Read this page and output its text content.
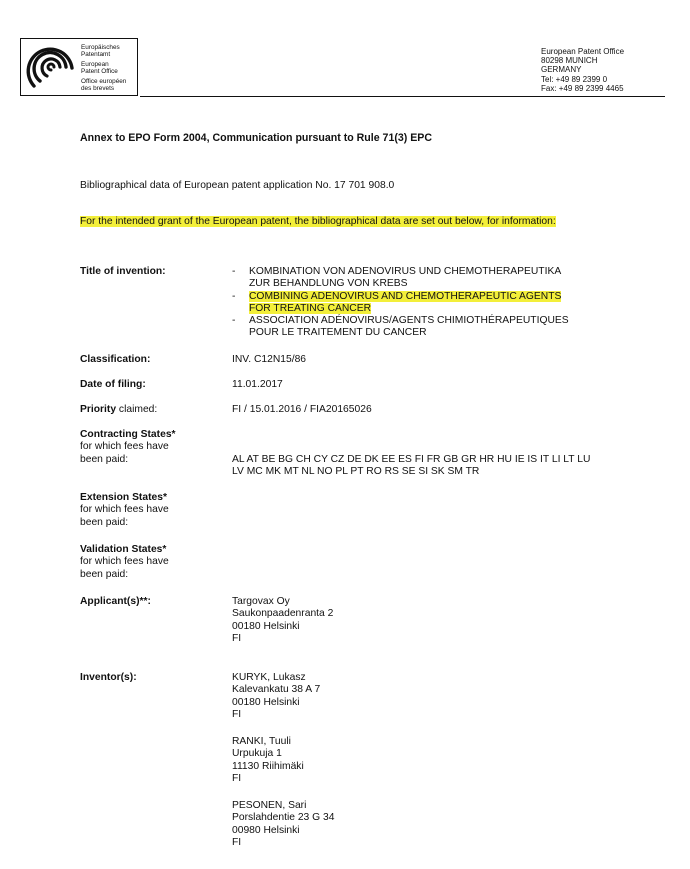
Europäisches
Patentamt
European
Patent Office
Office européen
des brevets
European Patent Office
80298 MUNICH
GERMANY
Tel: +49 89 2399 0
Fax: +49 89 2399 4465
Annex to EPO Form 2004, Communication pursuant to Rule 71(3) EPC
Bibliographical data of European patent application No. 17 701 908.0
For the intended grant of the European patent, the bibliographical data are set out below, for information:
Title of invention:	-	KOMBINATION VON ADENOVIRUS UND CHEMOTHERAPEUTIKA
ZUR BEHANDLUNG VON KREBS
-	COMBINING ADENOVIRUS AND CHEMOTHERAPEUTIC AGENTS
FOR TREATING CANCER
-	ASSOCIATION ADÉNOVIRUS/AGENTS CHIMIOTHÉRAPEUTIQUES
POUR LE TRAITEMENT DU CANCER
Classification:	INV. C12N15/86
Date of filing:	11.01.2017
Priority claimed:	FI / 15.01.2016 / FIA20165026
Contracting States*
for which fees have
been paid:	AL AT BE BG CH CY CZ DE DK EE ES FI FR GB GR HR HU IE IS IT LI LT LU
LV MC MK MT NL NO PL PT RO RS SE SI SK SM TR
Extension States*
for which fees have
been paid:
Validation States*
for which fees have
been paid:
Applicant(s)**:	Targovax Oy
Saukonpaadenranta 2
00180 Helsinki
FI
Inventor(s):	KURYK, Lukasz
Kalevankatu 38 A 7
00180 Helsinki
FI
RANKI, Tuuli
Urpukuja 1
11130 Riihimäki
FI
PESONEN, Sari
Porslahdentie 23 G 34
00980 Helsinki
FI
